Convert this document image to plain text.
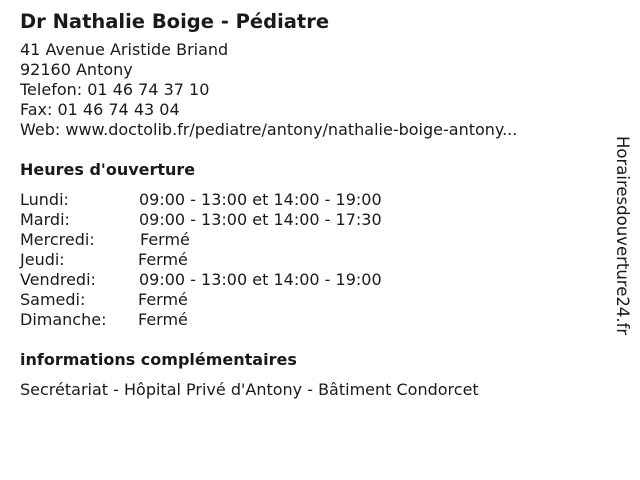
Dr Nathalie Boige - Pédiatre
41 Avenue Aristide Briand
92160 Antony
Telefon: 01 46 74 37 10
Fax: 01 46 74 43 04
Web: www.doctolib.fr/pediatre/antony/nathalie-boige-antony...
Heures d'ouverture
Lundi:	09:00 - 13:00 et 14:00 - 19:00
Mardi:	09:00 - 13:00 et 14:00 - 17:30
Mercredi:	Fermé
Jeudi:	Fermé
Vendredi:	09:00 - 13:00 et 14:00 - 19:00
Samedi:	Fermé
Dimanche: Fermé
informations complémentaires
Secrétariat - Hôpital Privé d'Antony - Bâtiment Condorcet
Horairesdouverture24.fr
